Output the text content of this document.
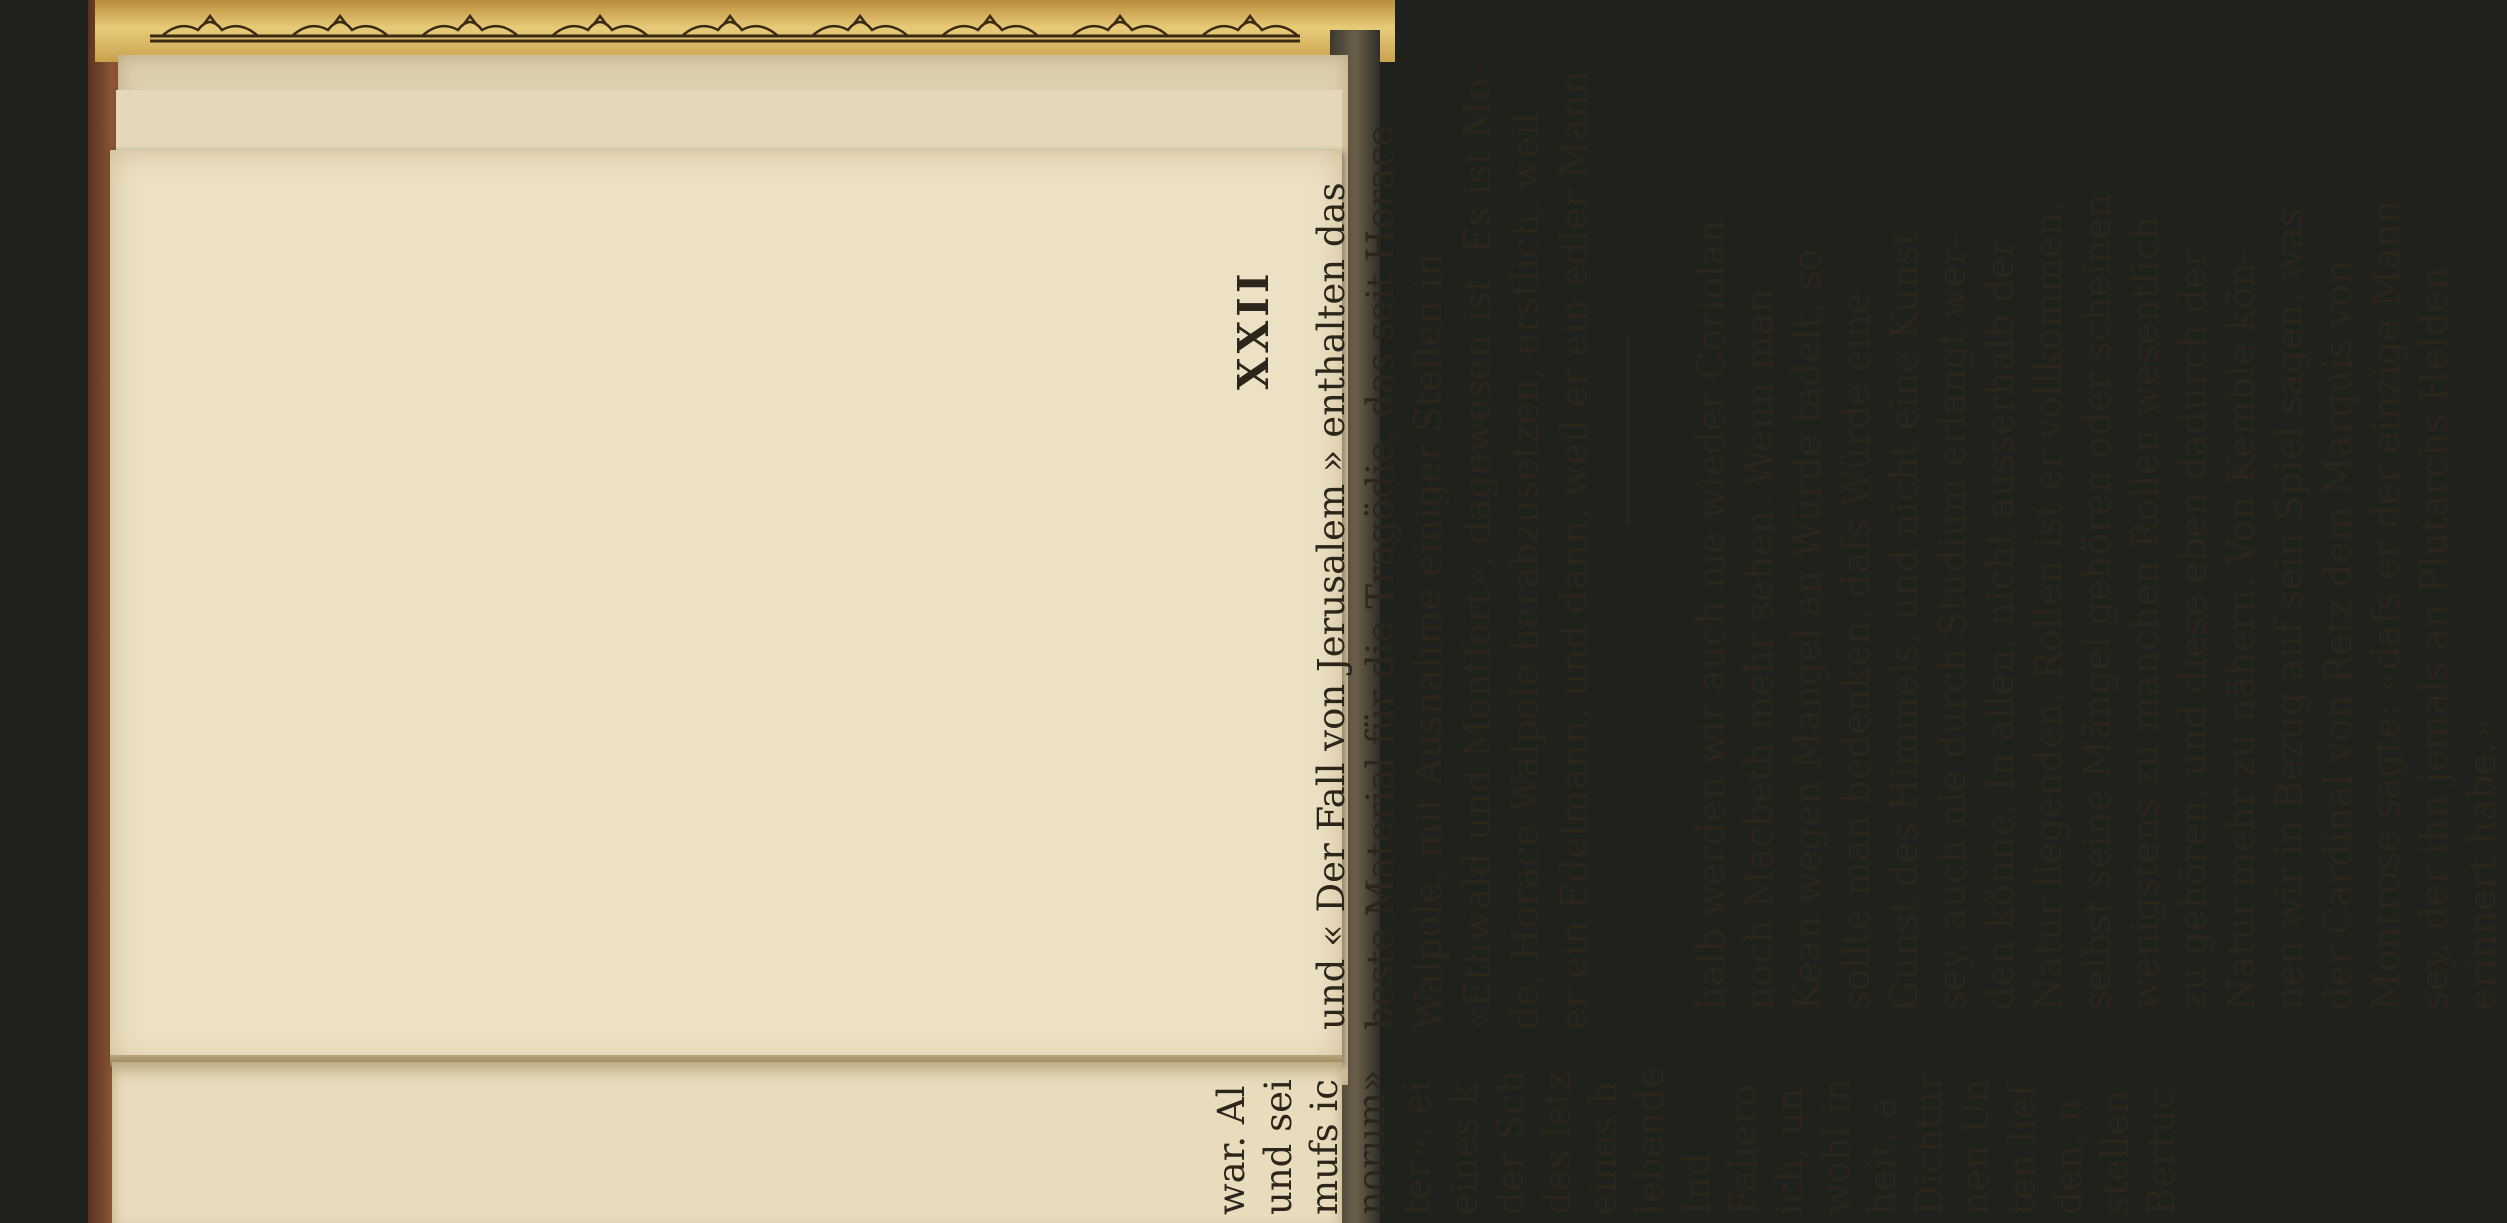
XXII und « Der Fall von Jerusalem » enthalten das beste Material für die Tragödie, das seit Horace Walpole, mit Ausnahme einiger Stellen in «Ethwald und Montfort», dagewesen ist. Es ist Mo- de, Horace Walpole herabzusetzen, erstlich, weil er ein Edelmann, und dann, weil er ein edler Mann	halb werden wir auch nie wieder Coriolan noch Macbeth mehr sehen. Wenn man Kean wegen Mangel an Würde tadelt, so sollte man bedenken, dafs Würde eine Gunst des Himmels, und nicht eine Kunst sey, auch nie durch Studium erlangt wer- den könne. In allen, nicht ausserhalb der Natur liegenden, Rollen ist er vollkommen, selbst seine Mängel gehören oder scheinen wenigstens zu manchen Rollen wesentlich zu gehören, und diese eben dadurch der Natur mehr zu nähern. Von Kemble kön- nen wir in Bezug auf sein Spiel sagen, was der Cardinal von Retz dem Marquis von Montrose sagte: «dafs er der einzige Mann sey, der ihn jemals an Plutarchs Helden erinnert habe.»
war. Al und sei mufs ic norum» ter», ei eines k der Sch des letz eines h lebende Ind Faliero ich, un wohl in heit, a Dichtur nen Un ten lief den, u stellen Bertuc
